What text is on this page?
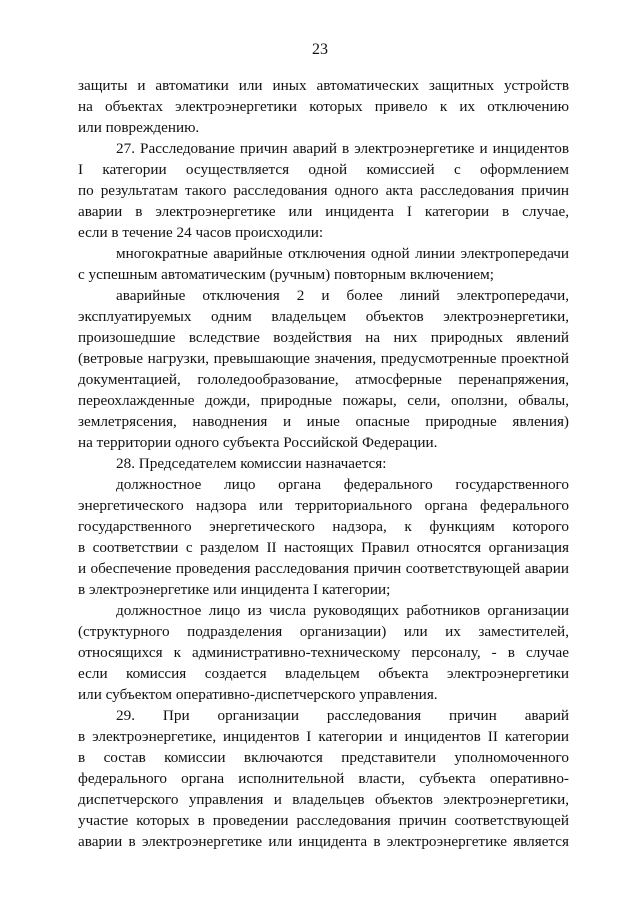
23
защиты и автоматики или иных автоматических защитных устройств
на объектах электроэнергетики которых привело к их отключению
или повреждению.
27. Расследование причин аварий в электроэнергетике и инцидентов
I категории осуществляется одной комиссией с оформлением
по результатам такого расследования одного акта расследования причин
аварии в электроэнергетике или инцидента I категории в случае,
если в течение 24 часов происходили:
многократные аварийные отключения одной линии электропередачи
с успешным автоматическим (ручным) повторным включением;
аварийные отключения 2 и более линий электропередачи,
эксплуатируемых одним владельцем объектов электроэнергетики,
произошедшие вследствие воздействия на них природных явлений
(ветровые нагрузки, превышающие значения, предусмотренные проектной
документацией, гололедообразование, атмосферные перенапряжения,
переохлажденные дожди, природные пожары, сели, оползни, обвалы,
землетрясения, наводнения и иные опасные природные явления)
на территории одного субъекта Российской Федерации.
28. Председателем комиссии назначается:
должностное лицо органа федерального государственного
энергетического надзора или территориального органа федерального
государственного энергетического надзора, к функциям которого
в соответствии с разделом II настоящих Правил относятся организация
и обеспечение проведения расследования причин соответствующей аварии
в электроэнергетике или инцидента I категории;
должностное лицо из числа руководящих работников организации
(структурного подразделения организации) или их заместителей,
относящихся к административно-техническому персоналу, - в случае
если комиссия создается владельцем объекта электроэнергетики
или субъектом оперативно-диспетчерского управления.
29. При организации расследования причин аварий
в электроэнергетике, инцидентов I категории и инцидентов II категории
в состав комиссии включаются представители уполномоченного
федерального органа исполнительной власти, субъекта оперативно-
диспетчерского управления и владельцев объектов электроэнергетики,
участие которых в проведении расследования причин соответствующей
аварии в электроэнергетике или инцидента в электроэнергетике является
